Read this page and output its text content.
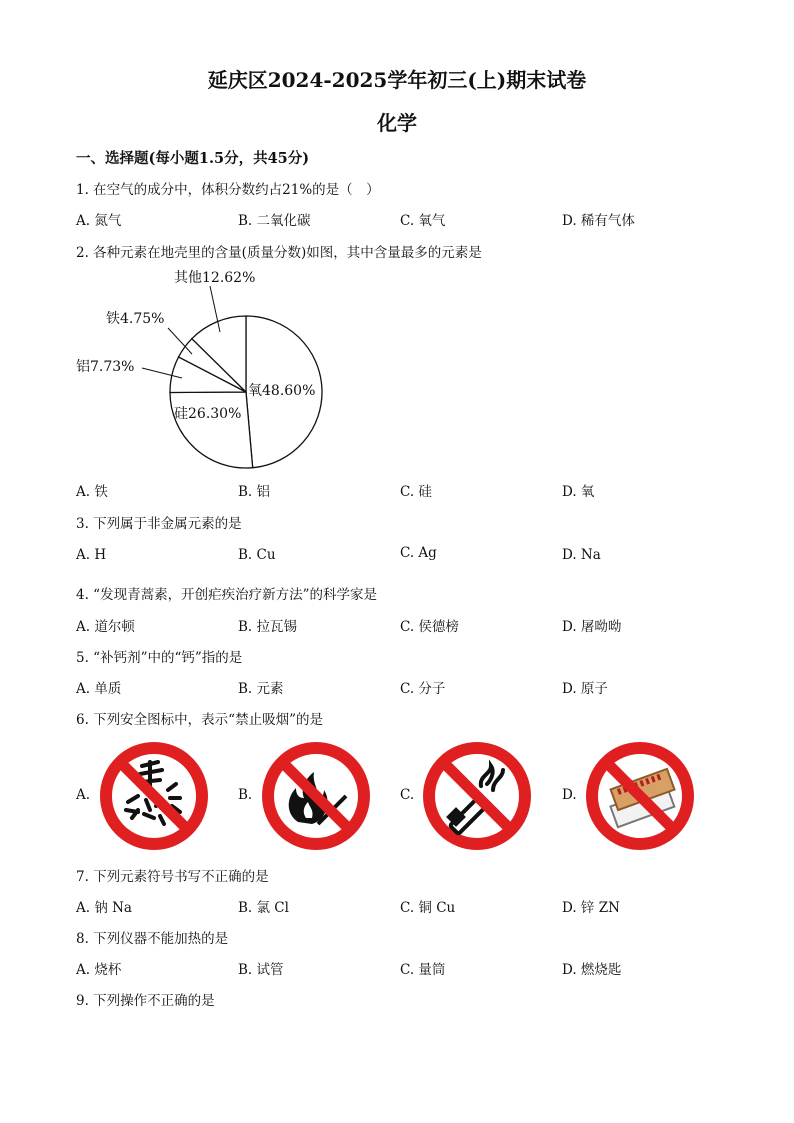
延庆区2024-2025学年初三(上)期末试卷
化学
一、选择题(每小题1.5分，共45分)
1. 在空气的成分中，体积分数约占21%的是（　）
A. 氮气	B. 二氧化碳	C. 氧气	D. 稀有气体
2. 各种元素在地壳里的含量(质量分数)如图，其中含量最多的元素是
氧48.60%
硅26.30%
铝7.73%
铁4.75%
其他12.62%
A. 铁	B. 铝	C. 硅	D. 氧
3. 下列属于非金属元素的是
A. H	B. Cu	C. Ag	D. Na
4. “发现青蒿素，开创疟疾治疗新方法”的科学家是
A. 道尔顿	B. 拉瓦锡	C. 侯德榜	D. 屠呦呦
5. “补钙剂”中的“钙”指的是
A. 单质	B. 元素	C. 分子	D. 原子
6. 下列安全图标中，表示“禁止吸烟”的是
A.	B.	C.	D.
7. 下列元素符号书写不正确的是
A. 钠 Na	B. 氯 Cl	C. 铜 Cu	D. 锌 ZN
8. 下列仪器不能加热的是
A. 烧杯	B. 试管	C. 量筒	D. 燃烧匙
9. 下列操作不正确的是
